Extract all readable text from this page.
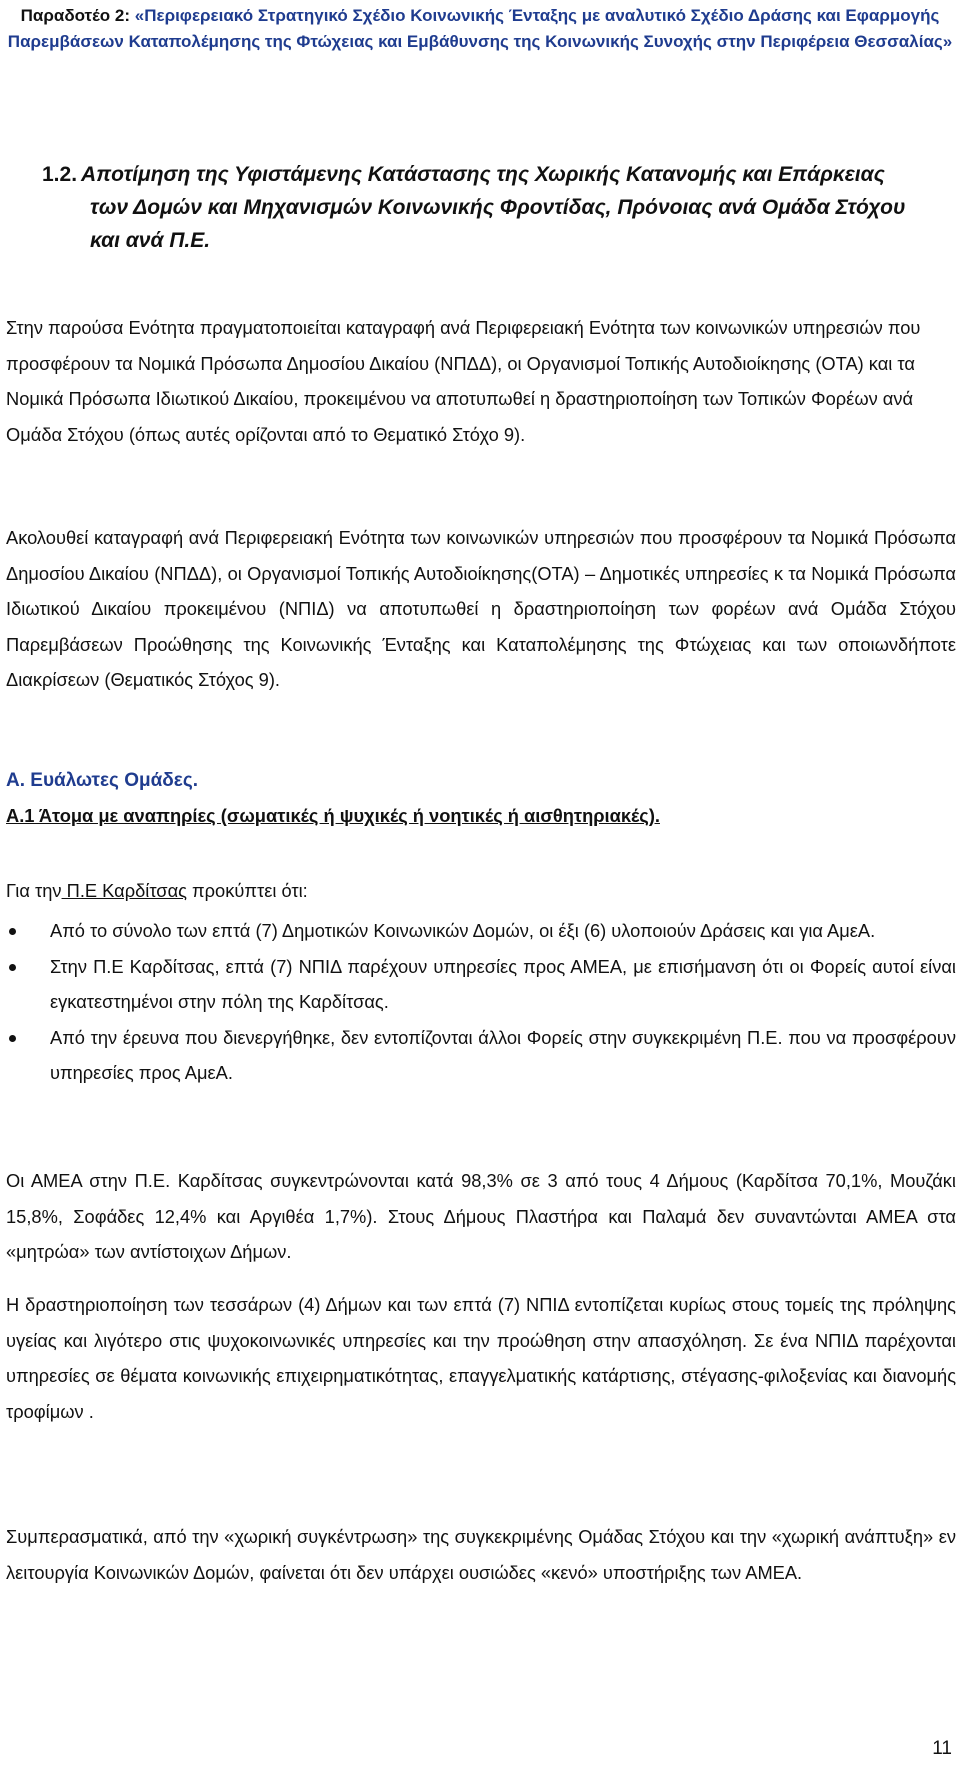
Παραδοτέο 2: «Περιφερειακό Στρατηγικό Σχέδιο Κοινωνικής Ένταξης με αναλυτικό Σχέδιο Δράσης και Εφαρμογής Παρεμβάσεων Καταπολέμησης της Φτώχειας και Εμβάθυνσης της Κοινωνικής Συνοχής στην Περιφέρεια Θεσσαλίας»
1.2. Αποτίμηση της Υφιστάμενης Κατάστασης της Χωρικής Κατανομής και Επάρκειας
των Δομών και Μηχανισμών Κοινωνικής Φροντίδας, Πρόνοιας ανά Ομάδα Στόχου
και ανά Π.Ε.
Στην παρούσα Ενότητα πραγματοποιείται καταγραφή ανά Περιφερειακή Ενότητα των κοινωνικών υπηρεσιών που προσφέρουν τα Νομικά Πρόσωπα Δημοσίου Δικαίου (ΝΠΔΔ), οι Οργανισμοί Τοπικής Αυτοδιοίκησης (ΟΤΑ) και τα Νομικά Πρόσωπα Ιδιωτικού Δικαίου, προκειμένου να αποτυπωθεί η δραστηριοποίηση των Τοπικών Φορέων ανά Ομάδα Στόχου (όπως αυτές ορίζονται από το Θεματικό Στόχο 9).
Ακολουθεί καταγραφή ανά Περιφερειακή Ενότητα των κοινωνικών υπηρεσιών που προσφέρουν τα Νομικά Πρόσωπα Δημοσίου Δικαίου (ΝΠΔΔ), οι Οργανισμοί Τοπικής Αυτοδιοίκησης(ΟΤΑ) – Δημοτικές υπηρεσίες κ τα Νομικά Πρόσωπα Ιδιωτικού Δικαίου προκειμένου (ΝΠΙΔ) να αποτυπωθεί η δραστηριοποίηση των φορέων ανά Ομάδα Στόχου Παρεμβάσεων Προώθησης της Κοινωνικής Ένταξης και Καταπολέμησης της Φτώχειας και των οποιωνδήποτε Διακρίσεων (Θεματικός Στόχος 9).
Α. Ευάλωτες Ομάδες.
Α.1 Άτομα με αναπηρίες (σωματικές ή ψυχικές ή νοητικές ή αισθητηριακές).
Για την Π.Ε Καρδίτσας προκύπτει ότι:
Από το σύνολο των επτά (7) Δημοτικών Κοινωνικών Δομών, οι έξι (6) υλοποιούν Δράσεις και για ΑμεΑ.
Στην Π.Ε Καρδίτσας, επτά (7) ΝΠΙΔ παρέχουν υπηρεσίες προς ΑΜΕΑ, με επισήμανση ότι οι Φορείς αυτοί είναι εγκατεστημένοι στην πόλη της Καρδίτσας.
Από την έρευνα που διενεργήθηκε, δεν εντοπίζονται άλλοι Φορείς στην συγκεκριμένη Π.Ε. που να προσφέρουν υπηρεσίες προς ΑμεΑ.
Οι ΑΜΕΑ στην Π.Ε. Καρδίτσας συγκεντρώνονται κατά 98,3% σε 3 από τους 4 Δήμους (Καρδίτσα 70,1%, Μουζάκι 15,8%, Σοφάδες 12,4% και Αργιθέα 1,7%). Στους Δήμους Πλαστήρα και Παλαμά δεν συναντώνται ΑΜΕΑ στα «μητρώα» των αντίστοιχων Δήμων.
Η δραστηριοποίηση των τεσσάρων (4) Δήμων και των επτά (7) ΝΠΙΔ εντοπίζεται κυρίως στους τομείς της πρόληψης υγείας και λιγότερο στις ψυχοκοινωνικές υπηρεσίες και την προώθηση στην απασχόληση. Σε ένα ΝΠΙΔ παρέχονται υπηρεσίες σε θέματα κοινωνικής επιχειρηματικότητας, επαγγελματικής κατάρτισης, στέγασης-φιλοξενίας και διανομής τροφίμων .
Συμπερασματικά, από την «χωρική συγκέντρωση» της συγκεκριμένης Ομάδας Στόχου και την «χωρική ανάπτυξη» εν λειτουργία Κοινωνικών Δομών, φαίνεται ότι δεν υπάρχει ουσιώδες «κενό» υποστήριξης των ΑΜΕΑ.
11
